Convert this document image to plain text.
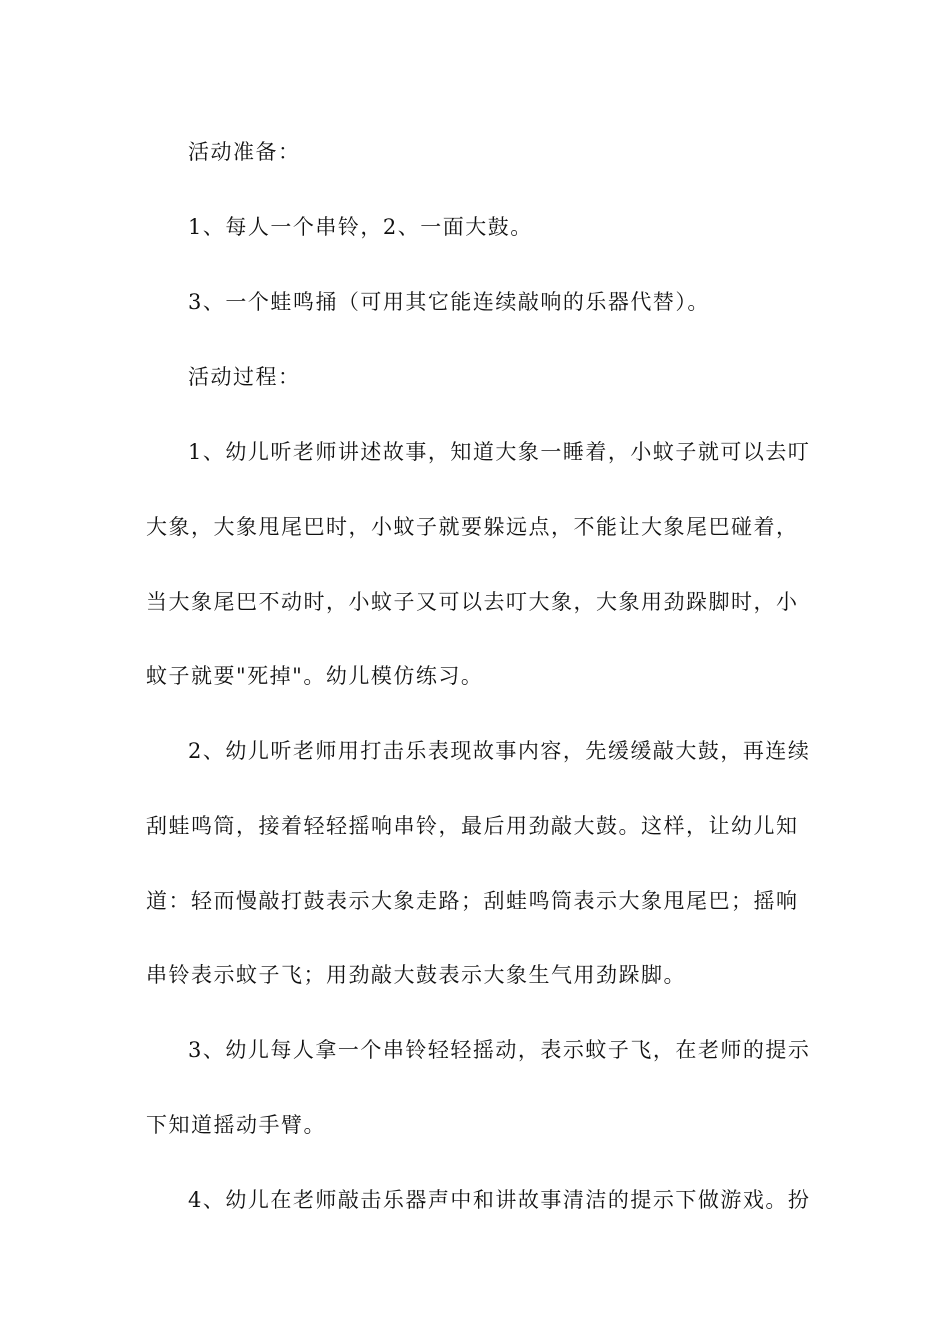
活动准备：
1、每人一个串铃，2、一面大鼓。
3、一个蛙鸣捅（可用其它能连续敲响的乐器代替）。
活动过程：
1、幼儿听老师讲述故事，知道大象一睡着，小蚊子就可以去叮
大象，大象甩尾巴时，小蚊子就要躲远点，不能让大象尾巴碰着，
当大象尾巴不动时，小蚊子又可以去叮大象，大象用劲跺脚时，小
蚊子就要"死掉"。幼儿模仿练习。
2、幼儿听老师用打击乐表现故事内容，先缓缓敲大鼓，再连续
刮蛙鸣筒，接着轻轻摇响串铃，最后用劲敲大鼓。这样，让幼儿知
道：轻而慢敲打鼓表示大象走路；刮蛙鸣筒表示大象甩尾巴；摇响
串铃表示蚊子飞；用劲敲大鼓表示大象生气用劲跺脚。
3、幼儿每人拿一个串铃轻轻摇动，表示蚊子飞，在老师的提示
下知道摇动手臂。
4、幼儿在老师敲击乐器声中和讲故事清洁的提示下做游戏。扮
